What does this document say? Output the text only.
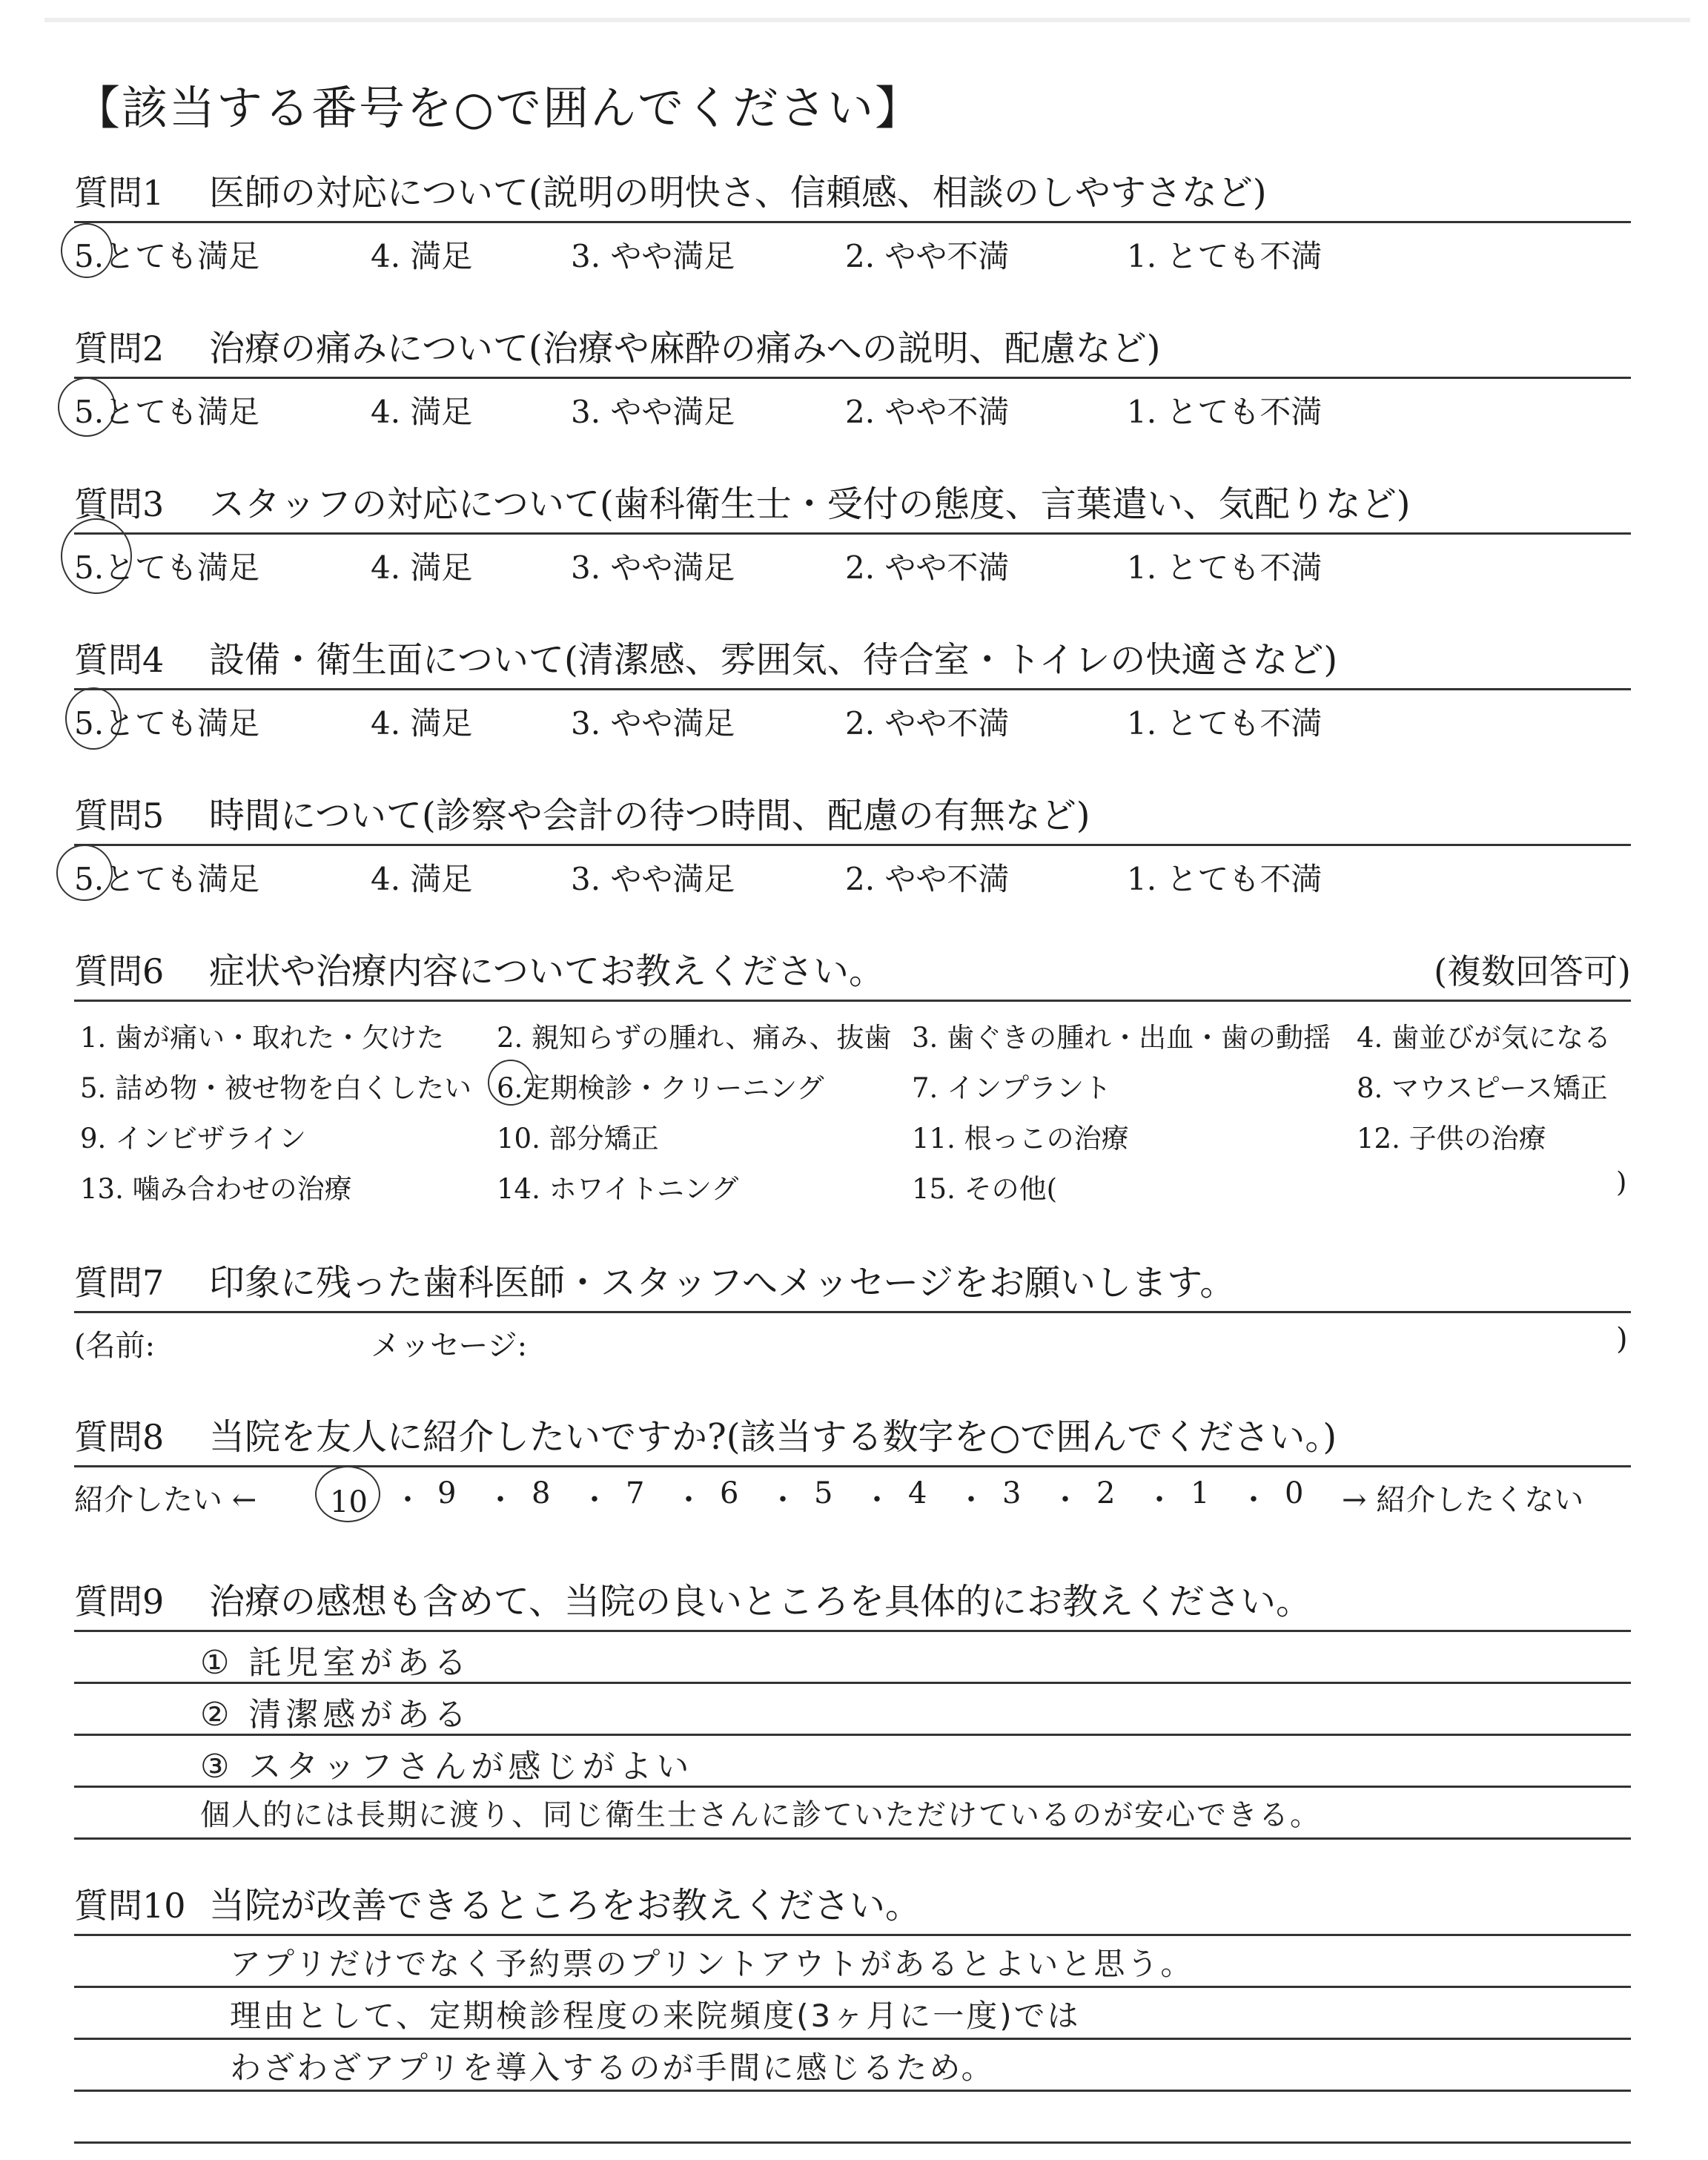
【該当する番号を○で囲んでください】
質問1 医師の対応について(説明の明快さ、信頼感、相談のしやすさなど)
5.とても満足	4. 満足	3. やや満足	2. やや不満	1. とても不満
質問2 治療の痛みについて(治療や麻酔の痛みへの説明、配慮など)
5.とても満足	4. 満足	3. やや満足	2. やや不満	1. とても不満
質問3 スタッフの対応について(歯科衛生士・受付の態度、言葉遣い、気配りなど)
5.とても満足	4. 満足	3. やや満足	2. やや不満	1. とても不満
質問4 設備・衛生面について(清潔感、雰囲気、待合室・トイレの快適さなど)
5.とても満足	4. 満足	3. やや満足	2. やや不満	1. とても不満
質問5 時間について(診察や会計の待つ時間、配慮の有無など)
5.とても満足	4. 満足	3. やや満足	2. やや不満	1. とても不満
質問6 症状や治療内容についてお教えください。	(複数回答可)
1. 歯が痛い・取れた・欠けた 2. 親知らずの腫れ、痛み、抜歯 3. 歯ぐきの腫れ・出血・歯の動揺 4. 歯並びが気になる
5. 詰め物・被せ物を白くしたい 6.定期検診・クリーニング	7. インプラント	8. マウスピース矯正
9. インビザライン	10. 部分矯正	11. 根っこの治療	12. 子供の治療
13. 噛み合わせの治療	14. ホワイトニング	15. その他(	)
質問7 印象に残った歯科医師・スタッフへメッセージをお願いします。
(名前:	メッセージ:	)
質問8 当院を友人に紹介したいですか?(該当する数字を○で囲んでください。)
紹介したい ← 10 ・ 9 ・ 8 ・ 7 ・ 6 ・ 5 ・ 4 ・ 3 ・ 2 ・ 1 ・ 0 → 紹介したくない
質問9 治療の感想も含めて、当院の良いところを具体的にお教えください。
① 託児室がある
② 清潔感がある
③ スタッフさんが感じがよい
個人的には長期に渡り、同じ衛生士さんに診ていただけているのが安心できる。
質問10 当院が改善できるところをお教えください。
アプリだけでなく予約票のプリントアウトがあるとよいと思う。
理由として、定期検診程度の来院頻度(3ヶ月に一度)では
わざわざアプリを導入するのが手間に感じるため。
